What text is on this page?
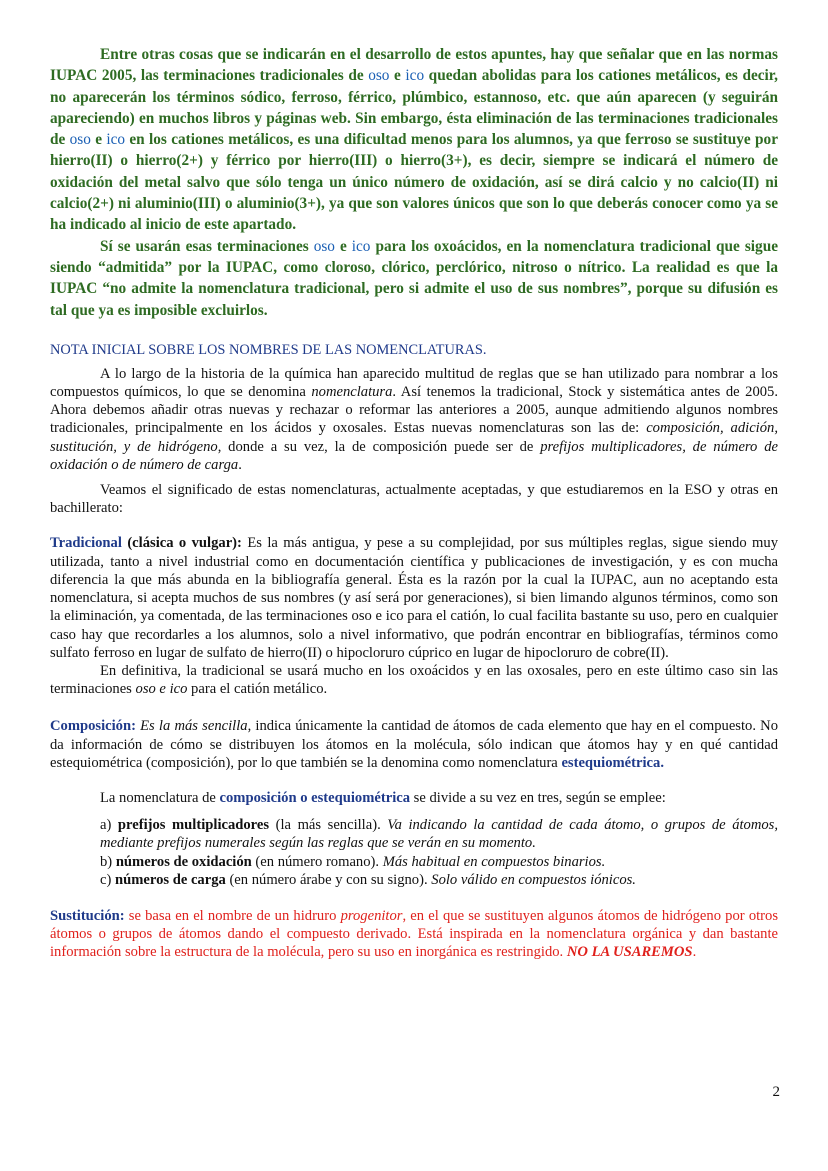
Entre otras cosas que se indicarán en el desarrollo de estos apuntes, hay que señalar que en las normas IUPAC 2005, las terminaciones tradicionales de oso e ico quedan abolidas para los cationes metálicos, es decir, no aparecerán los términos sódico, ferroso, férrico, plúmbico, estannoso, etc. que aún aparecen (y seguirán apareciendo) en muchos libros y páginas web. Sin embargo, ésta eliminación de las terminaciones tradicionales de oso e ico en los cationes metálicos, es una dificultad menos para los alumnos, ya que ferroso se sustituye por hierro(II) o hierro(2+) y férrico por hierro(III) o hierro(3+), es decir, siempre se indicará el número de oxidación del metal salvo que sólo tenga un único número de oxidación, así se dirá calcio y no calcio(II) ni calcio(2+) ni aluminio(III) o aluminio(3+), ya que son valores únicos que son lo que deberás conocer como ya se ha indicado al inicio de este apartado.

Sí se usarán esas terminaciones oso e ico para los oxoácidos, en la nomenclatura tradicional que sigue siendo “admitida” por la IUPAC, como cloroso, clórico, perclórico, nitroso o nítrico. La realidad es que la IUPAC “no admite la nomenclatura tradicional, pero si admite el uso de sus nombres”, porque su difusión es tal que ya es imposible excluirlos.

NOTA INICIAL SOBRE LOS NOMBRES DE LAS NOMENCLATURAS.

A lo largo de la historia de la química han aparecido multitud de reglas que se han utilizado para nombrar a los compuestos químicos, lo que se denomina nomenclatura. Así tenemos la tradicional, Stock y sistemática antes de 2005. Ahora debemos añadir otras nuevas y rechazar o reformar las anteriores a 2005, aunque admitiendo algunos nombres tradicionales, principalmente en los ácidos y oxosales. Estas nuevas nomenclaturas son las de: composición, adición, sustitución, y de hidrógeno, donde a su vez, la de composición puede ser de prefijos multiplicadores, de número de oxidación o de número de carga.

Veamos el significado de estas nomenclaturas, actualmente aceptadas, y que estudiaremos en la ESO y otras en bachillerato:

Tradicional (clásica o vulgar): Es la más antigua, y pese a su complejidad, por sus múltiples reglas, sigue siendo muy utilizada, tanto a nivel industrial como en documentación científica y publicaciones de investigación, y es con mucha diferencia la que más abunda en la bibliografía general. Ésta es la razón por la cual la IUPAC, aun no aceptando esta nomenclatura, si acepta muchos de sus nombres (y así será por generaciones), si bien limando algunos términos, como son la eliminación, ya comentada, de las terminaciones oso e ico para el catión, lo cual facilita bastante su uso, pero en cualquier caso hay que recordarles a los alumnos, solo a nivel informativo, que podrán encontrar en bibliografías, términos como sulfato ferroso en lugar de sulfato de hierro(II) o hipocloruro cúprico en lugar de hipocloruro de cobre(II).

En definitiva, la tradicional se usará mucho en los oxoácidos y en las oxosales, pero en este último caso sin las terminaciones oso e ico para el catión metálico.

Composición: Es la más sencilla, indica únicamente la cantidad de átomos de cada elemento que hay en el compuesto. No da información de cómo se distribuyen los átomos en la molécula, sólo indican que átomos hay y en qué cantidad estequiométrica (composición), por lo que también se la denomina como nomenclatura estequiométrica.

La nomenclatura de composición o estequiométrica se divide a su vez en tres, según se emplee:

a) prefijos multiplicadores (la más sencilla). Va indicando la cantidad de cada átomo, o grupos de átomos, mediante prefijos numerales según las reglas que se verán en su momento.

b) números de oxidación (en número romano). Más habitual en compuestos binarios.

c) números de carga (en número árabe y con su signo). Solo válido en compuestos iónicos.

Sustitución: se basa en el nombre de un hidruro progenitor, en el que se sustituyen algunos átomos de hidrógeno por otros átomos o grupos de átomos dando el compuesto derivado. Está inspirada en la nomenclatura orgánica y dan bastante información sobre la estructura de la molécula, pero su uso en inorgánica es restringido. NO LA USAREMOS.

2
